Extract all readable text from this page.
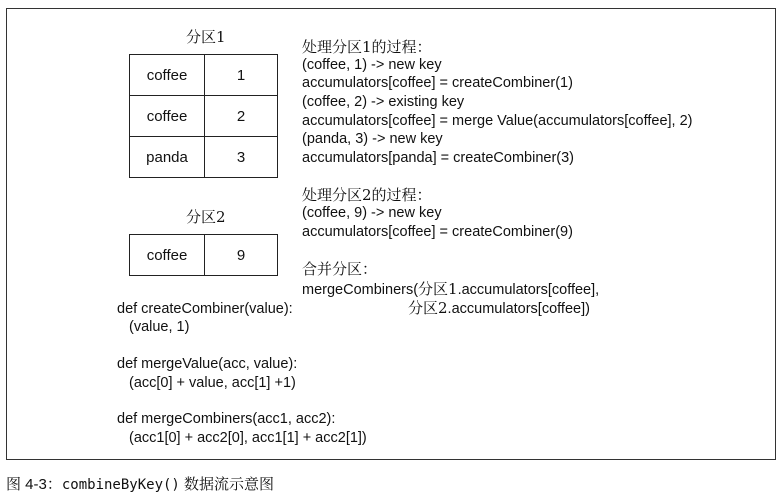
分区1
coffee	1
coffee	2
panda	3
分区2
coffee	9
处理分区1的过程：
(coffee, 1) -> new key
accumulators[coffee] = createCombiner(1)
(coffee, 2) -> existing key
accumulators[coffee] = merge Value(accumulators[coffee], 2)
(panda, 3) -> new key
accumulators[panda] = createCombiner(3)
处理分区2的过程：
(coffee, 9) -> new key
accumulators[coffee] = createCombiner(9)
合并分区：
mergeCombiners(分区1.accumulators[coffee],
分区2.accumulators[coffee])
def createCombiner(value):
(value, 1)
def mergeValue(acc, value):
(acc[0] + value, acc[1] +1)
def mergeCombiners(acc1, acc2):
(acc1[0] + acc2[0], acc1[1] + acc2[1])
图 4-3：combineByKey() 数据流示意图
